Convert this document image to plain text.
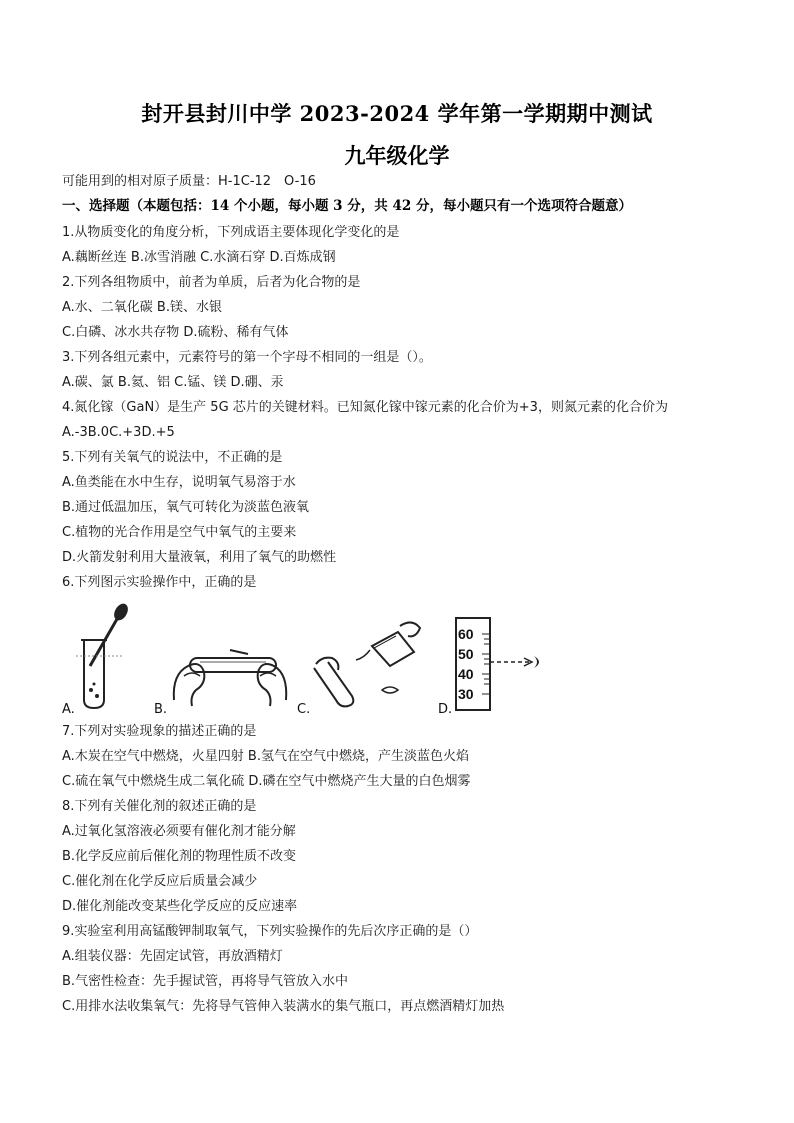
封开县封川中学 2023-2024 学年第一学期期中测试
九年级化学
可能用到的相对原子质量：H-1C-12　O-16
一、选择题（本题包括：14 个小题，每小题 3 分，共 42 分，每小题只有一个选项符合题意）
1.从物质变化的角度分析，下列成语主要体现化学变化的是
A.藕断丝连 B.冰雪消融 C.水滴石穿 D.百炼成钢
2.下列各组物质中，前者为单质，后者为化合物的是
A.水、二氧化碳 B.镁、水银
C.白磷、冰水共存物 D.硫粉、稀有气体
3.下列各组元素中，元素符号的第一个字母不相同的一组是（）。
A.碳、氯 B.氦、铝 C.锰、镁 D.硼、汞
4.氮化镓（GaN）是生产 5G 芯片的关键材料。已知氮化镓中镓元素的化合价为+3，则氮元素的化合价为
A.-3B.0C.+3D.+5
5.下列有关氧气的说法中，不正确的是
A.鱼类能在水中生存，说明氧气易溶于水
B.通过低温加压，氧气可转化为淡蓝色液氧
C.植物的光合作用是空气中氧气的主要来
D.火箭发射利用大量液氧，利用了氧气的助燃性
6.下列图示实验操作中，正确的是
A.	B.	C.	D.
60
50
40
30
7.下列对实验现象的描述正确的是
A.木炭在空气中燃烧，火星四射 B.氢气在空气中燃烧，产生淡蓝色火焰
C.硫在氧气中燃烧生成二氧化硫 D.磷在空气中燃烧产生大量的白色烟雾
8.下列有关催化剂的叙述正确的是
A.过氧化氢溶液必须要有催化剂才能分解
B.化学反应前后催化剂的物理性质不改变
C.催化剂在化学反应后质量会减少
D.催化剂能改变某些化学反应的反应速率
9.实验室利用高锰酸钾制取氧气，下列实验操作的先后次序正确的是（）
A.组装仪器：先固定试管，再放酒精灯
B.气密性检查：先手握试管，再将导气管放入水中
C.用排水法收集氧气：先将导气管伸入装满水的集气瓶口，再点燃酒精灯加热
